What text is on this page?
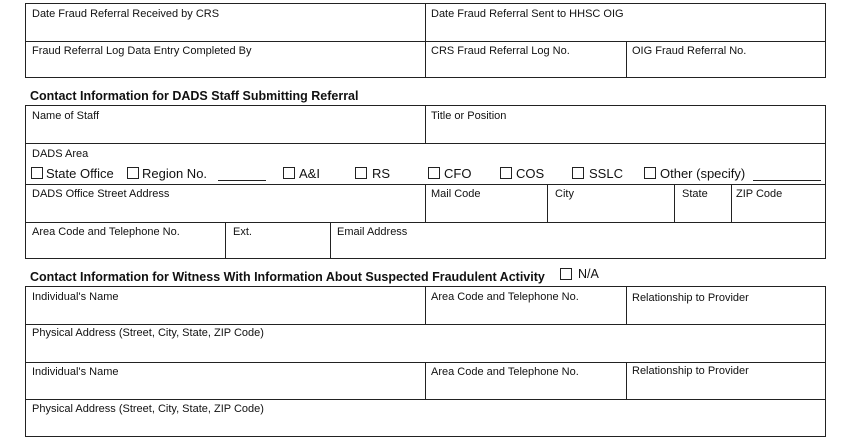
Date Fraud Referral Received by CRS	Date Fraud Referral Sent to HHSC OIG
Fraud Referral Log Data Entry Completed By	CRS Fraud Referral Log No.	OIG Fraud Referral No.
Contact Information for DADS Staff Submitting Referral
Name of Staff	Title or Position
DADS Area
State Office Region No.	A&I	RS	CFO	COS	SSLC	Other (specify)
DADS Office Street Address	Mail Code	City	State	ZIP Code
Area Code and Telephone No.	Ext.	Email Address
Contact Information for Witness With Information About Suspected Fraudulent Activity	N/A
Individual's Name	Area Code and Telephone No.	Relationship to Provider
Physical Address (Street, City, State, ZIP Code)
Individual's Name	Area Code and Telephone No.	Relationship to Provider
Physical Address (Street, City, State, ZIP Code)
